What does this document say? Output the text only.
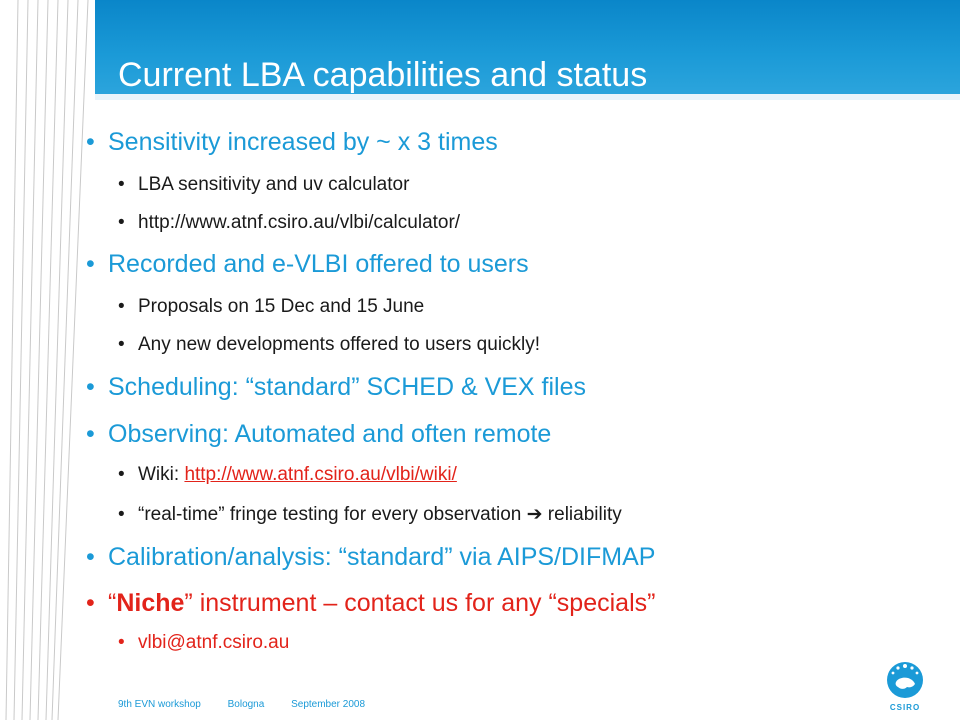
Current LBA capabilities and status
• Sensitivity increased by ~ x 3 times
• LBA sensitivity and uv calculator
• http://www.atnf.csiro.au/vlbi/calculator/
• Recorded and e-VLBI offered to users
• Proposals on 15 Dec and 15 June
• Any new developments offered to users quickly!
• Scheduling: “standard” SCHED & VEX files
• Observing: Automated and often remote
• Wiki: http://www.atnf.csiro.au/vlbi/wiki/
• “real-time” fringe testing for every observation ➔ reliability
• Calibration/analysis: “standard” via AIPS/DIFMAP
• “Niche” instrument – contact us for any “specials”
• vlbi@atnf.csiro.au
9th EVN workshop	Bologna	September 2008	CSIRO
